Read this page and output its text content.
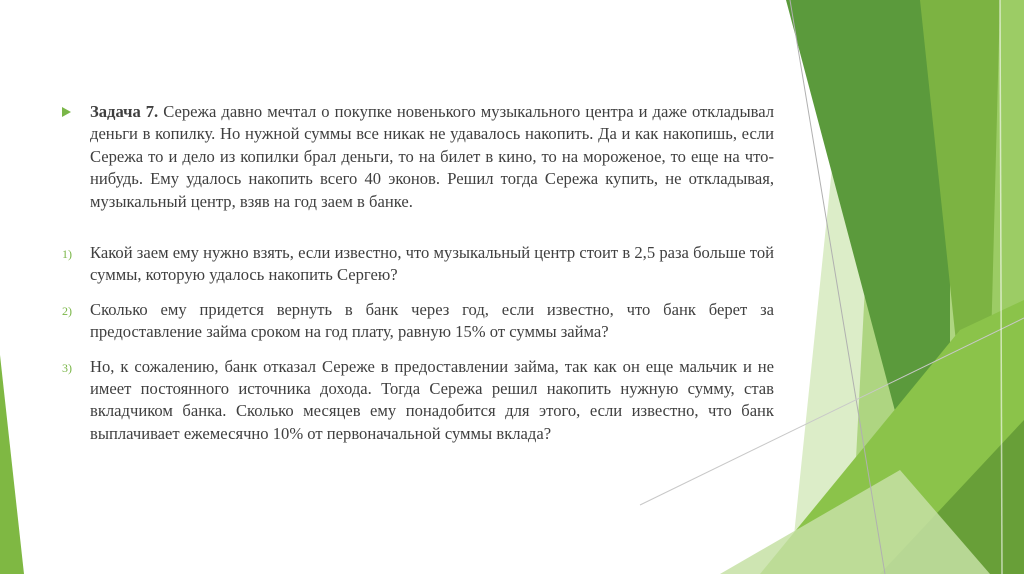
Задача 7. Сережа давно мечтал о покупке новенького музыкального центра и даже откладывал деньги в копилку. Но нужной суммы все никак не удавалось накопить. Да и как накопишь, если Сережа то и дело из копилки брал деньги, то на билет в кино, то на мороженое, то еще на что-нибудь. Ему удалось накопить всего 40 эконов. Решил тогда Сережа купить, не откладывая, музыкальный центр, взяв на год заем в банке.
1) Какой заем ему нужно взять, если известно, что музыкальный центр стоит в 2,5 раза больше той суммы, которую удалось накопить Сергею?
2) Сколько ему придется вернуть в банк через год, если известно, что банк берет за предоставление займа сроком на год плату, равную 15% от суммы займа?
3) Но, к сожалению, банк отказал Сереже в предоставлении займа, так как он еще мальчик и не имеет постоянного источника дохода. Тогда Сережа решил накопить нужную сумму, став вкладчиком банка. Сколько месяцев ему понадобится для этого, если известно, что банк выплачивает ежемесячно 10% от первоначальной суммы вклада?
